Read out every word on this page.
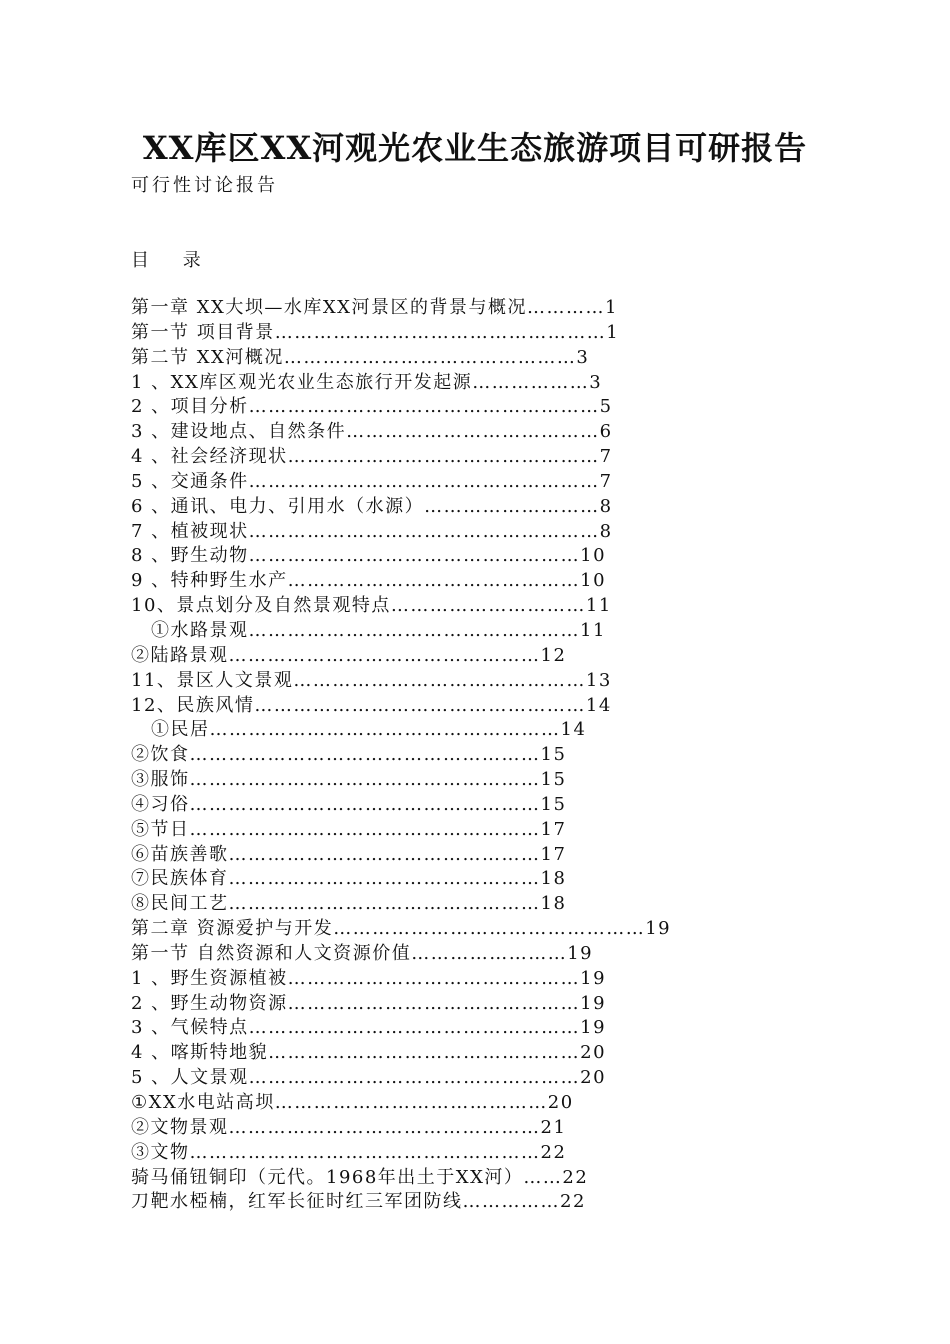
XX库区XX河观光农业生态旅游项目可研报告
可行性讨论报告
目 录
第一章 XX大坝—水库XX河景区的背景与概况…………1
第一节 项目背景……………………………………………1
第二节 XX河概况………………………………………3
1 、XX库区观光农业生态旅行开发起源………………3
2 、项目分析………………………………………………5
3 、建设地点、自然条件…………………………………6
4 、社会经济现状…………………………………………7
5 、交通条件………………………………………………7
6 、通讯、电力、引用水（水源）………………………8
7 、植被现状………………………………………………8
8 、野生动物……………………………………………10
9 、特种野生水产………………………………………10
10、景点划分及自然景观特点…………………………11
①水路景观……………………………………………11
②陆路景观…………………………………………12
11、景区人文景观………………………………………13
12、民族风情……………………………………………14
①民居………………………………………………14
②饮食………………………………………………15
③服饰………………………………………………15
④习俗………………………………………………15
⑤节日………………………………………………17
⑥苗族善歌…………………………………………17
⑦民族体育…………………………………………18
⑧民间工艺…………………………………………18
第二章 资源爱护与开发…………………………………………19
第一节 自然资源和人文资源价值……………………19
1 、野生资源植被………………………………………19
2 、野生动物资源………………………………………19
3 、气候特点……………………………………………19
4 、喀斯特地貌…………………………………………20
5 、人文景观……………………………………………20
①XX水电站高坝……………………………………20
②文物景观…………………………………………21
③文物………………………………………………22
骑马俑钮铜印（元代。1968年出土于XX河）……22
刀靶水椏楠，红军长征时红三军团防线……………22
